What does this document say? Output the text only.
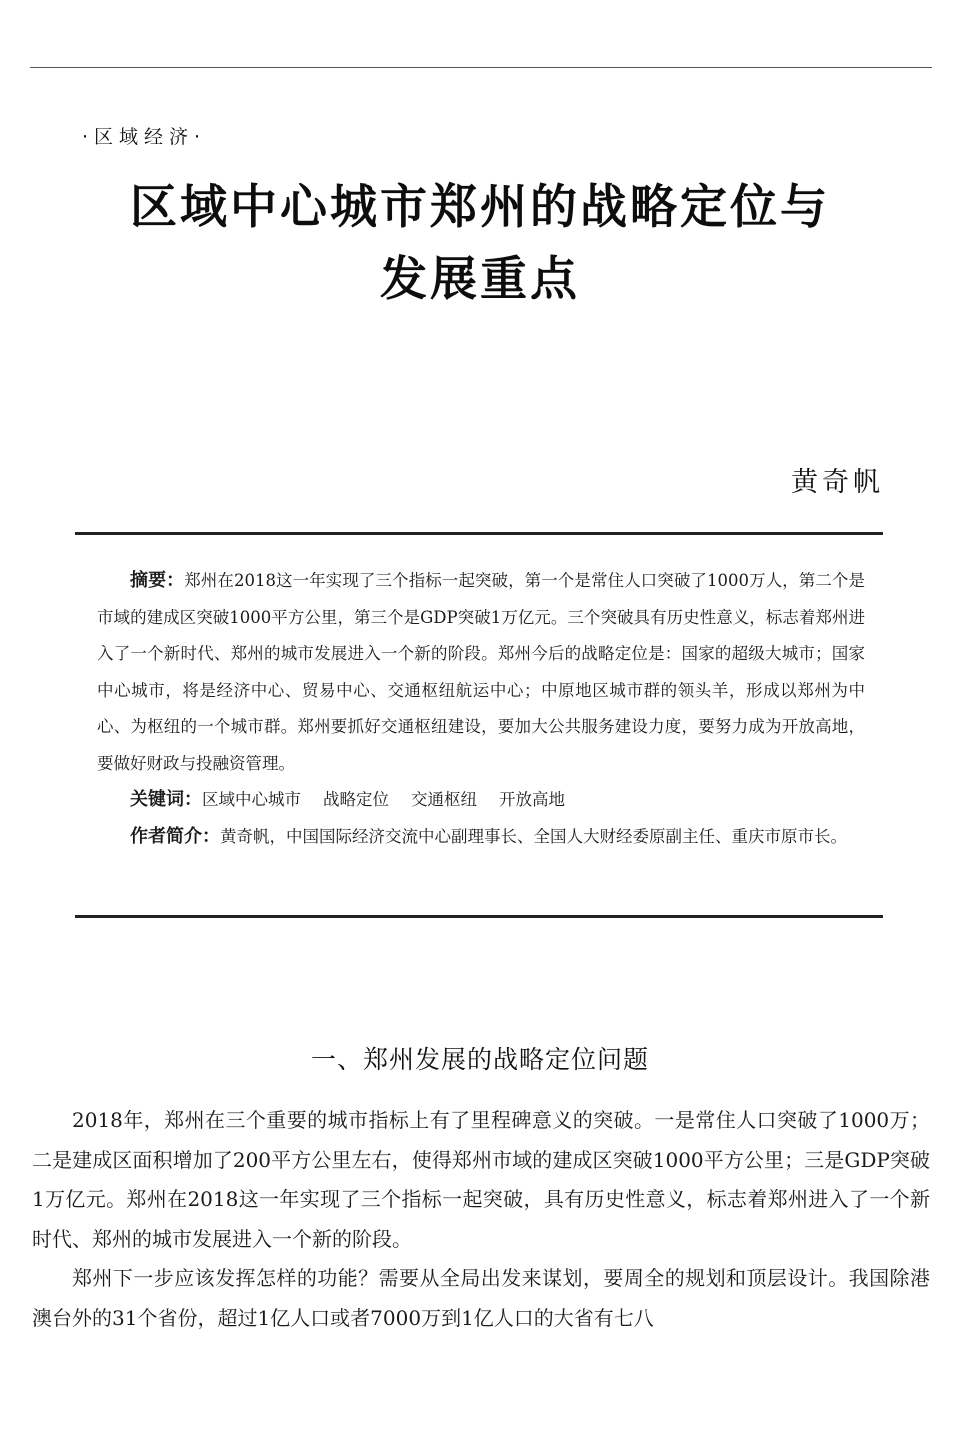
·区域经济·
区域中心城市郑州的战略定位与
发展重点
黄奇帆

摘要：郑州在2018这一年实现了三个指标一起突破，第一个是常住人口突破了1000万人，第二个是市域的建成区突破1000平方公里，第三个是GDP突破1万亿元。三个突破具有历史性意义，标志着郑州进入了一个新时代、郑州的城市发展进入一个新的阶段。郑州今后的战略定位是：国家的超级大城市；国家中心城市，将是经济中心、贸易中心、交通枢纽航运中心；中原地区城市群的领头羊，形成以郑州为中心、为枢纽的一个城市群。郑州要抓好交通枢纽建设，要加大公共服务建设力度，要努力成为开放高地，要做好财政与投融资管理。

关键词：区域中心城市 战略定位 交通枢纽 开放高地

作者简介：黄奇帆，中国国际经济交流中心副理事长、全国人大财经委原副主任、重庆市原市长。

一、郑州发展的战略定位问题

2018年，郑州在三个重要的城市指标上有了里程碑意义的突破。一是常住人口突破了1000万；二是建成区面积增加了200平方公里左右，使得郑州市域的建成区突破1000平方公里；三是GDP突破1万亿元。郑州在2018这一年实现了三个指标一起突破，具有历史性意义，标志着郑州进入了一个新时代、郑州的城市发展进入一个新的阶段。

郑州下一步应该发挥怎样的功能？需要从全局出发来谋划，要周全的规划和顶层设计。我国除港澳台外的31个省份，超过1亿人口或者7000万到1亿人口的大省有七八
